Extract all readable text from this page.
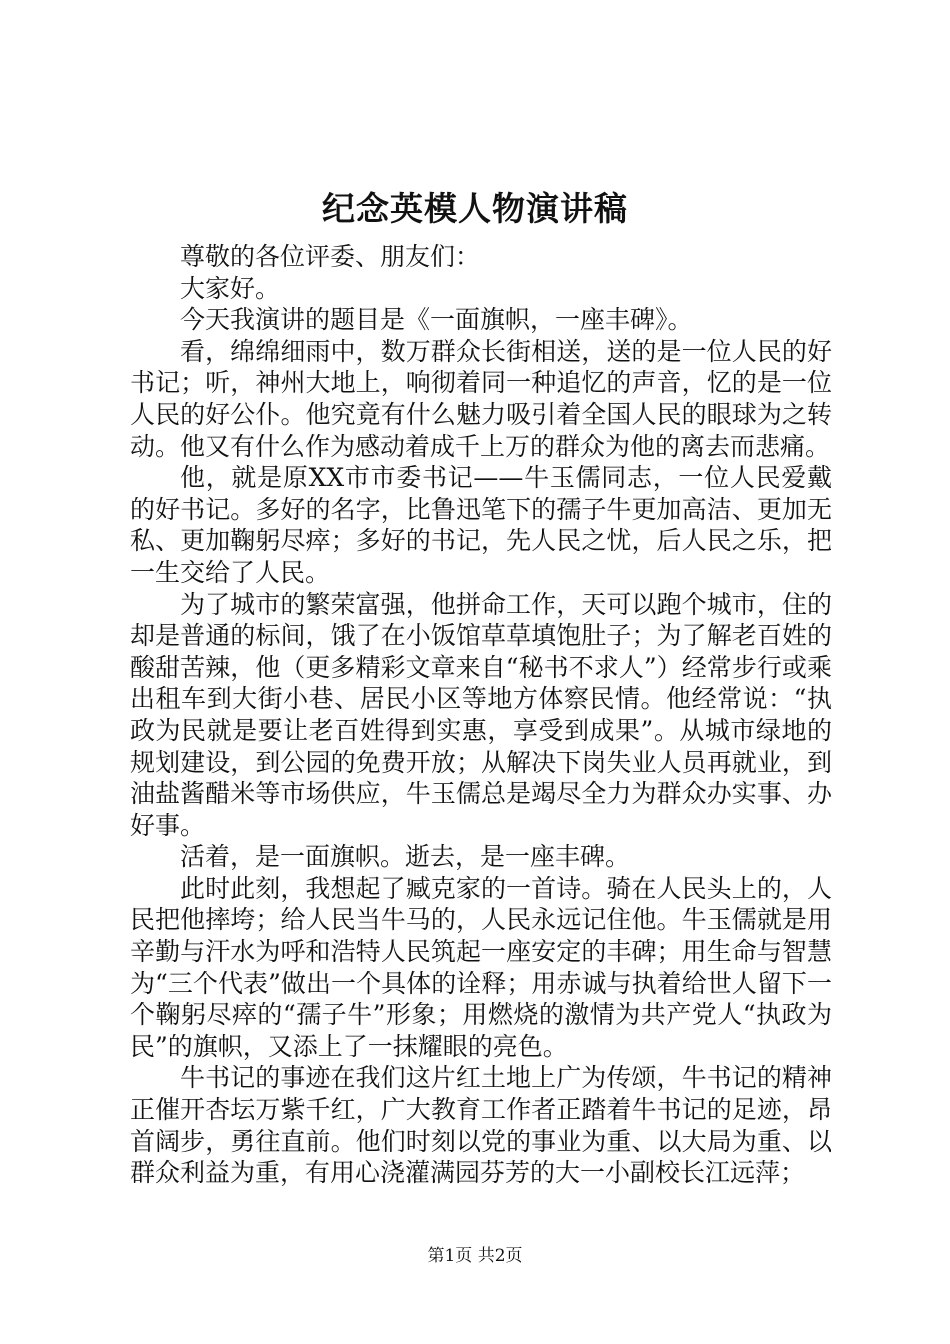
纪念英模人物演讲稿

尊敬的各位评委、朋友们：

大家好。

今天我演讲的题目是《一面旗帜，一座丰碑》。

看，绵绵细雨中，数万群众长街相送，送的是一位人民的好书记；听，神州大地上，响彻着同一种追忆的声音，忆的是一位人民的好公仆。他究竟有什么魅力吸引着全国人民的眼球为之转动。他又有什么作为感动着成千上万的群众为他的离去而悲痛。

他，就是原XX市市委书记——牛玉儒同志，一位人民爱戴的好书记。多好的名字，比鲁迅笔下的孺子牛更加高洁、更加无私、更加鞠躬尽瘁；多好的书记，先人民之忧，后人民之乐，把一生交给了人民。

为了城市的繁荣富强，他拼命工作，天可以跑个城市，住的却是普通的标间，饿了在小饭馆草草填饱肚子；为了解老百姓的酸甜苦辣，他（更多精彩文章来自“秘书不求人”）经常步行或乘出租车到大街小巷、居民小区等地方体察民情。他经常说：“执政为民就是要让老百姓得到实惠，享受到成果”。从城市绿地的规划建设，到公园的免费开放；从解决下岗失业人员再就业，到油盐酱醋米等市场供应，牛玉儒总是竭尽全力为群众办实事、办好事。

活着，是一面旗帜。逝去，是一座丰碑。

此时此刻，我想起了臧克家的一首诗。骑在人民头上的，人民把他摔垮；给人民当牛马的，人民永远记住他。牛玉儒就是用辛勤与汗水为呼和浩特人民筑起一座安定的丰碑；用生命与智慧为“三个代表”做出一个具体的诠释；用赤诚与执着给世人留下一个鞠躬尽瘁的“孺子牛”形象；用燃烧的激情为共产党人“执政为民”的旗帜，又添上了一抹耀眼的亮色。

牛书记的事迹在我们这片红土地上广为传颂，牛书记的精神正催开杏坛万紫千红，广大教育工作者正踏着牛书记的足迹，昂首阔步，勇往直前。他们时刻以党的事业为重、以大局为重、以群众利益为重，有用心浇灌满园芬芳的大一小副校长江远萍；

第1页 共2页
